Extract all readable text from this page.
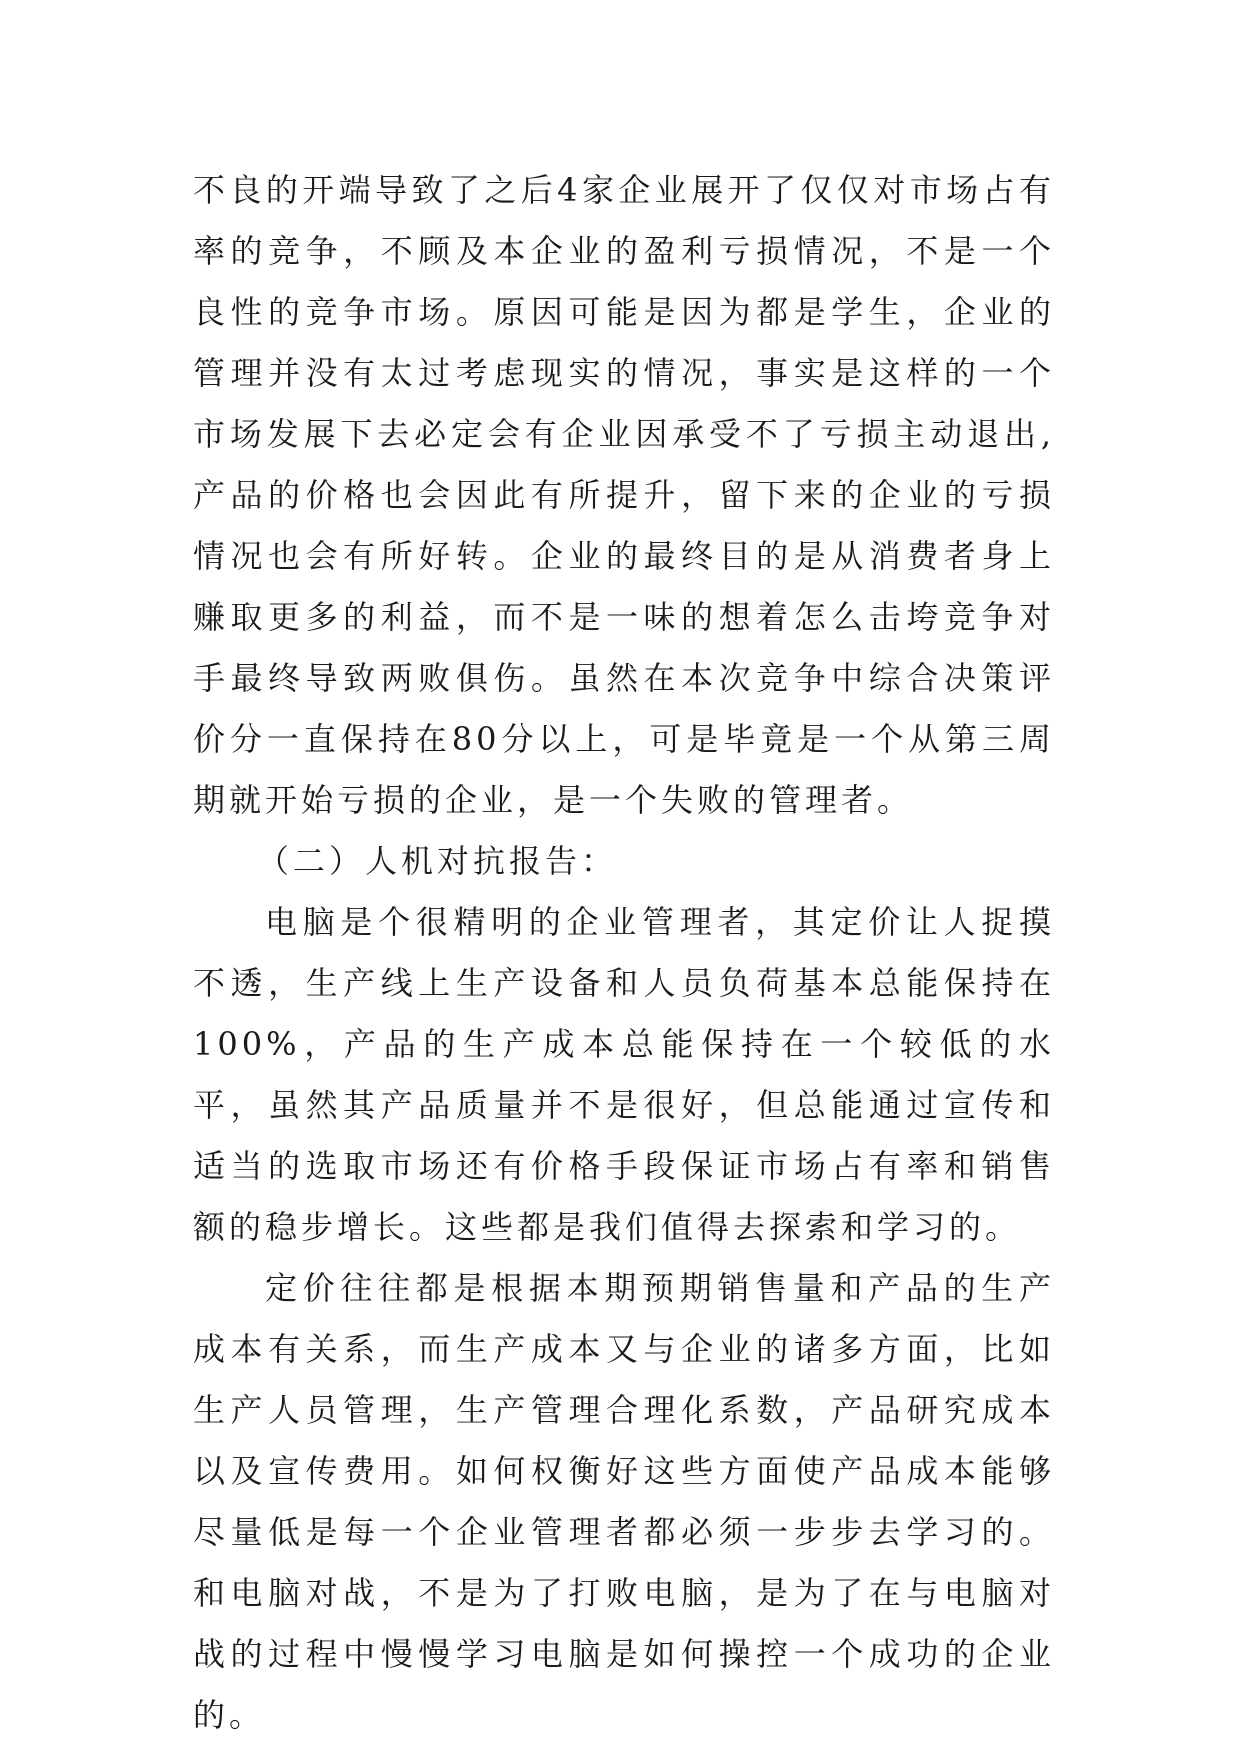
不良的开端导致了之后4家企业展开了仅仅对市场占有率的竞争，不顾及本企业的盈利亏损情况，不是一个良性的竞争市场。原因可能是因为都是学生，企业的管理并没有太过考虑现实的情况，事实是这样的一个市场发展下去必定会有企业因承受不了亏损主动退出,产品的价格也会因此有所提升，留下来的企业的亏损情况也会有所好转。企业的最终目的是从消费者身上赚取更多的利益，而不是一味的想着怎么击垮竞争对手最终导致两败俱伤。虽然在本次竞争中综合决策评价分一直保持在80分以上，可是毕竟是一个从第三周期就开始亏损的企业，是一个失败的管理者。

（二）人机对抗报告：

电脑是个很精明的企业管理者，其定价让人捉摸不透，生产线上生产设备和人员负荷基本总能保持在100%，产品的生产成本总能保持在一个较低的水平，虽然其产品质量并不是很好，但总能通过宣传和适当的选取市场还有价格手段保证市场占有率和销售额的稳步增长。这些都是我们值得去探索和学习的。

定价往往都是根据本期预期销售量和产品的生产成本有关系，而生产成本又与企业的诸多方面，比如生产人员管理，生产管理合理化系数，产品研究成本以及宣传费用。如何权衡好这些方面使产品成本能够尽量低是每一个企业管理者都必须一步步去学习的。和电脑对战，不是为了打败电脑，是为了在与电脑对战的过程中慢慢学习电脑是如何操控一个成功的企业的。
